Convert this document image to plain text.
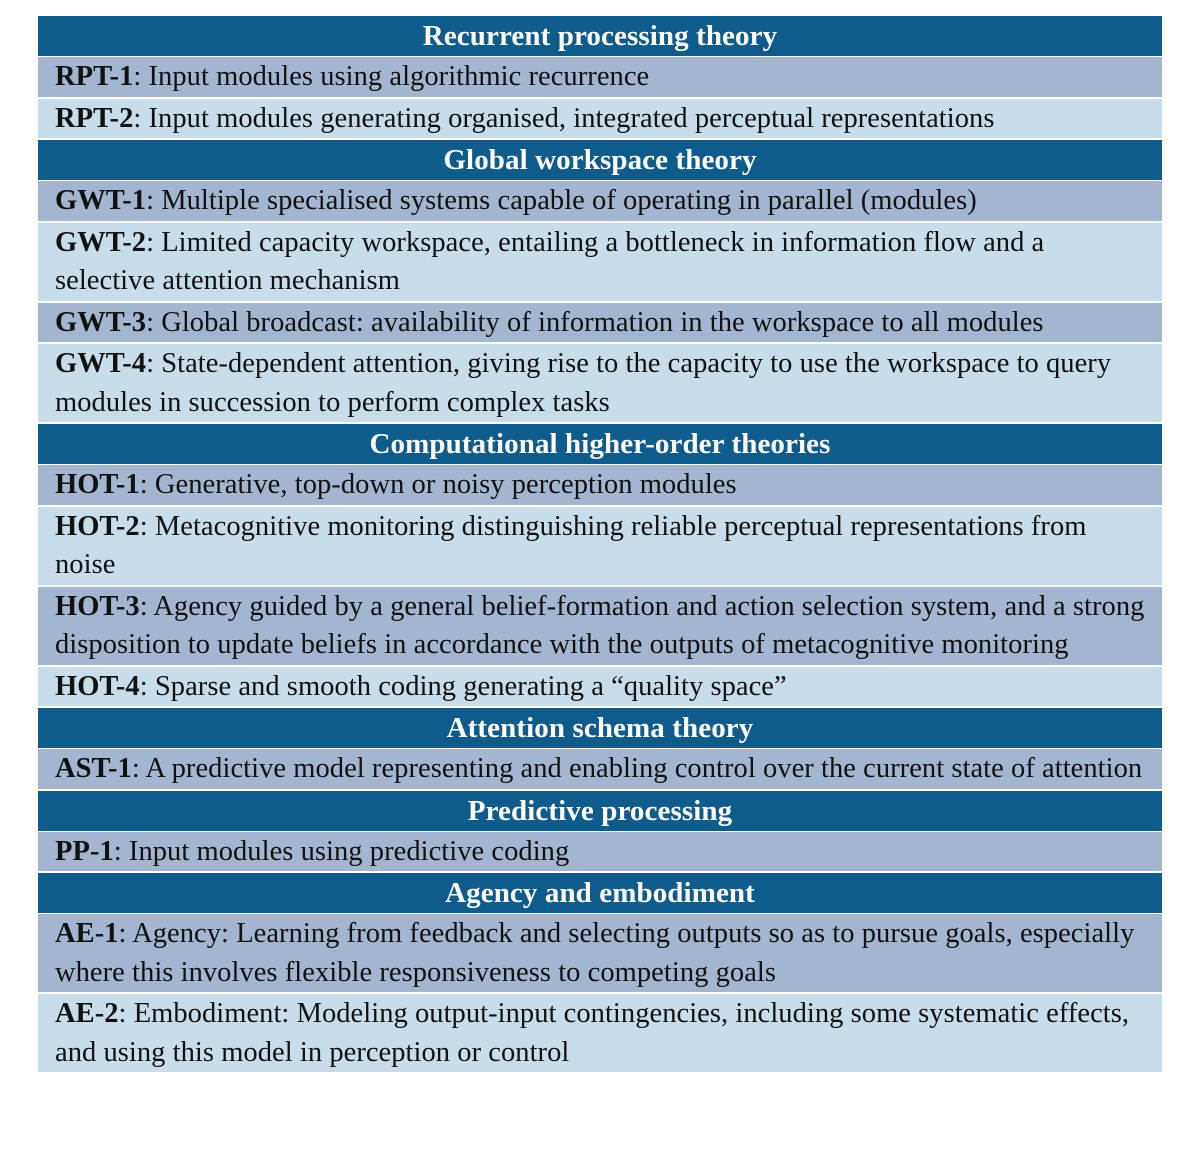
Recurrent processing theory
RPT-1: Input modules using algorithmic recurrence
RPT-2: Input modules generating organised, integrated perceptual representations
Global workspace theory
GWT-1: Multiple specialised systems capable of operating in parallel (modules)
GWT-2: Limited capacity workspace, entailing a bottleneck in information flow and a selective attention mechanism
GWT-3: Global broadcast: availability of information in the workspace to all modules
GWT-4: State-dependent attention, giving rise to the capacity to use the workspace to query modules in succession to perform complex tasks
Computational higher-order theories
HOT-1: Generative, top-down or noisy perception modules
HOT-2: Metacognitive monitoring distinguishing reliable perceptual representations from noise
HOT-3: Agency guided by a general belief-formation and action selection system, and a strong disposition to update beliefs in accordance with the outputs of metacognitive monitoring
HOT-4: Sparse and smooth coding generating a “quality space”
Attention schema theory
AST-1: A predictive model representing and enabling control over the current state of attention
Predictive processing
PP-1: Input modules using predictive coding
Agency and embodiment
AE-1: Agency: Learning from feedback and selecting outputs so as to pursue goals, especially where this involves flexible responsiveness to competing goals
AE-2: Embodiment: Modeling output-input contingencies, including some systematic effects, and using this model in perception or control
